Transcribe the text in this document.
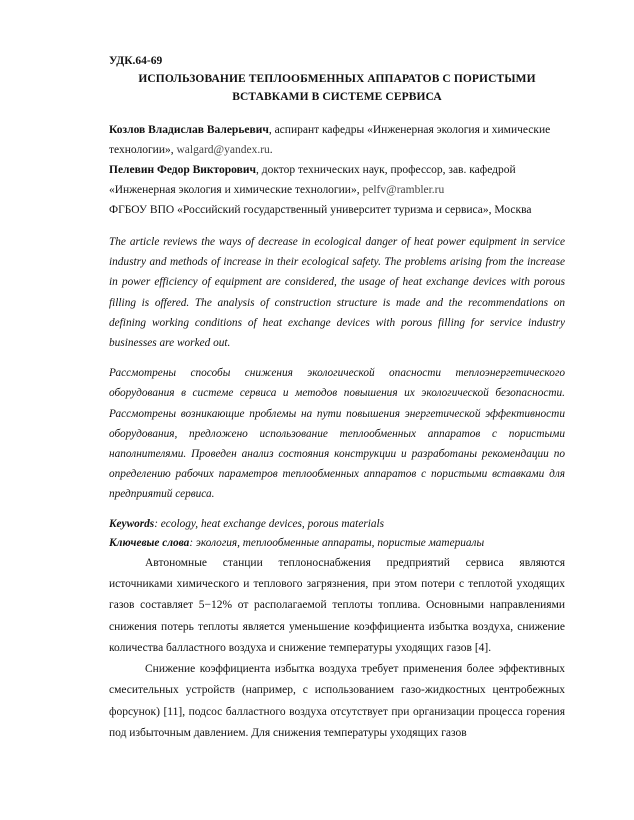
УДК.64-69

ИСПОЛЬЗОВАНИЕ ТЕПЛООБМЕННЫХ АППАРАТОВ С ПОРИСТЫМИ

ВСТАВКАМИ В СИСТЕМЕ СЕРВИСА

Козлов Владислав Валерьевич, аспирант кафедры «Инженерная экология и химические технологии», walgard@yandex.ru.

Пелевин Федор Викторович, доктор технических наук, профессор, зав. кафедрой «Инженерная экология и химические технологии», pelfv@rambler.ru

ФГБОУ ВПО «Российский государственный университет туризма и сервиса», Москва

The article reviews the ways of decrease in ecological danger of heat power equipment in service industry and methods of increase in their ecological safety. The problems arising from the increase in power efficiency of equipment are considered, the usage of heat exchange devices with porous filling is offered. The analysis of construction structure is made and the recommendations on defining working conditions of heat exchange devices with porous filling for service industry businesses are worked out.
Рассмотрены способы снижения экологической опасности теплоэнергетического оборудования в системе сервиса и методов повышения их экологической безопасности. Рассмотрены возникающие проблемы на пути повышения энергетической эффективности оборудования, предложено использование теплообменных аппаратов с пористыми наполнителями. Проведен анализ состояния конструкции и разработаны рекомендации по определению рабочих параметров теплообменных аппаратов с пористыми вставками для предприятий сервиса.

Keywords: ecology, heat exchange devices, porous materials

Ключевые слова: экология, теплообменные аппараты, пористые материалы

Автономные станции теплоноснабжения предприятий сервиса являются источниками химического и теплового загрязнения, при этом потери с теплотой уходящих газов составляет 5−12% от располагаемой теплоты топлива. Основными направлениями снижения потерь теплоты является уменьшение коэффициента избытка воздуха, снижение количества балластного воздуха и снижение температуры уходящих газов [4].

Снижение коэффициента избытка воздуха требует применения более эффективных смесительных устройств (например, с использованием газо-жидкостных центробежных форсунок) [11], подсос балластного воздуха отсутствует при организации процесса горения под избыточным давлением. Для снижения температуры уходящих газов
